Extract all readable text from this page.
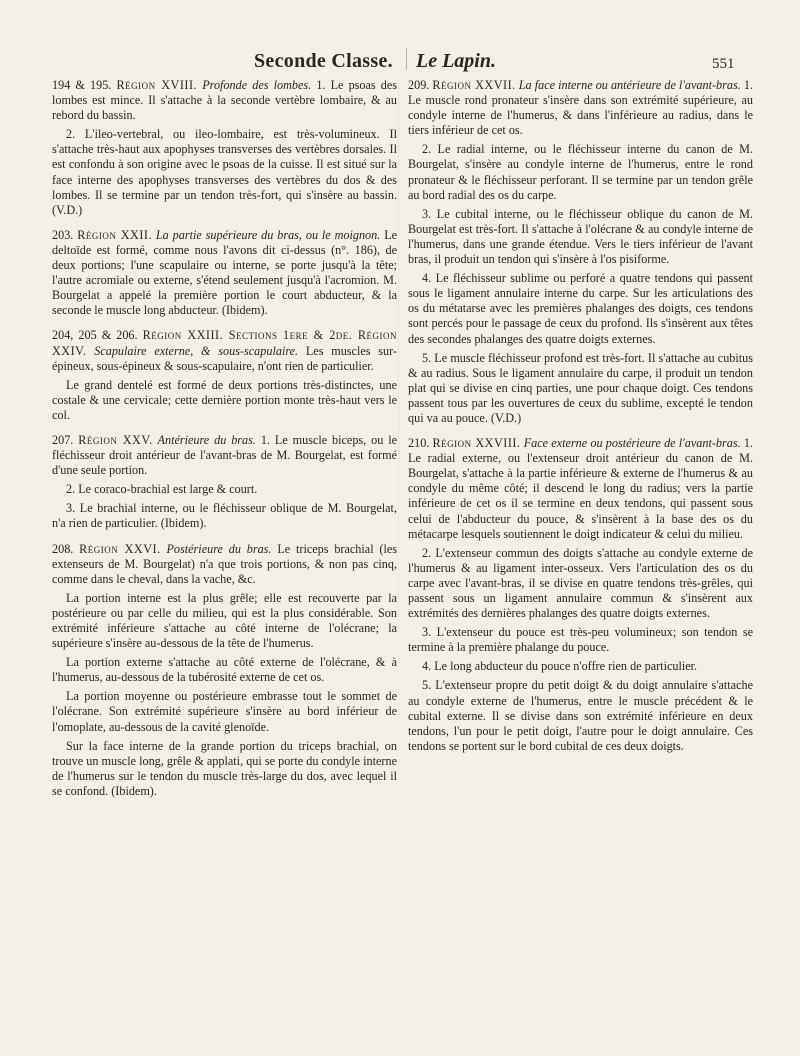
Seconde Classe. Le Lapin.	551

194 & 195. Région XVIII. Profonde des lombes. 1. Le psoas des lombes est mince. Il s'attache à la seconde vertèbre lombaire, & au rebord du bassin.

2. L'ileo-vertebral, ou ileo-lombaire, est très-volumineux. Il s'attache très-haut aux apophyses transverses des vertèbres dorsales. Il est confondu à son origine avec le psoas de la cuisse. Il est situé sur la face interne des apophyses transverses des vertèbres du dos & des lombes. Il se termine par un tendon très-fort, qui s'insère au bassin. (V.D.)

203. Région XXII. La partie supérieure du bras, ou le moignon. Le deltoïde est formé, comme nous l'avons dit ci-dessus (n°. 186), de deux portions; l'une scapulaire ou interne, se porte jusqu'à la tête; l'autre acromiale ou externe, s'étend seulement jusqu'à l'acromion. M. Bourgelat a appelé la première portion le court abducteur, & la seconde le muscle long abducteur. (Ibidem).

204, 205 & 206. Région XXIII. Sections 1ere & 2de. Région XXIV. Scapulaire externe, & sous-scapulaire. Les muscles sur-épineux, sous-épineux & sous-scapulaire, n'ont rien de particulier.

Le grand dentelé est formé de deux portions très-distinctes, une costale & une cervicale; cette dernière portion monte très-haut vers le col.

207. Région XXV. Antérieure du bras. 1. Le muscle biceps, ou le fléchisseur droit antérieur de l'avant-bras de M. Bourgelat, est formé d'une seule portion.

2. Le coraco-brachial est large & court.

3. Le brachial interne, ou le fléchisseur oblique de M. Bourgelat, n'a rien de particulier. (Ibidem).

208. Région XXVI. Postérieure du bras. Le triceps brachial (les extenseurs de M. Bourgelat) n'a que trois portions, & non pas cinq, comme dans le cheval, dans la vache, &c.

La portion interne est la plus grêle; elle est recouverte par la postérieure ou par celle du milieu, qui est la plus considérable. Son extrémité inférieure s'attache au côté interne de l'olécrane; la supérieure s'insère au-dessous de la tête de l'humerus.

La portion externe s'attache au côté externe de l'olécrane, & à l'humerus, au-dessous de la tubérosité externe de cet os.

La portion moyenne ou postérieure embrasse tout le sommet de l'olécrane. Son extrémité supérieure s'insère au bord inférieur de l'omoplate, au-dessous de la cavité glenoïde.

Sur la face interne de la grande portion du triceps brachial, on trouve un muscle long, grêle & applati, qui se porte du condyle interne de l'humerus sur le tendon du muscle très-large du dos, avec lequel il se confond. (Ibidem).

209. Région XXVII. La face interne ou antérieure de l'avant-bras. 1. Le muscle rond pronateur s'insère dans son extrémité supérieure, au condyle interne de l'humerus, & dans l'inférieure au radius, dans le tiers inférieur de cet os.

2. Le radial interne, ou le fléchisseur interne du canon de M. Bourgelat, s'insère au condyle interne de l'humerus, entre le rond pronateur & le fléchisseur perforant. Il se termine par un tendon grêle au bord radial des os du carpe.

3. Le cubital interne, ou le fléchisseur oblique du canon de M. Bourgelat est très-fort. Il s'attache à l'olécrane & au condyle interne de l'humerus, dans une grande étendue. Vers le tiers inférieur de l'avant bras, il produit un tendon qui s'insère à l'os pisiforme.

4. Le fléchisseur sublime ou perforé a quatre tendons qui passent sous le ligament annulaire interne du carpe. Sur les articulations des os du métatarse avec les premières phalanges des doigts, ces tendons sont percés pour le passage de ceux du profond. Ils s'insèrent aux têtes des secondes phalanges des quatre doigts externes.

5. Le muscle fléchisseur profond est très-fort. Il s'attache au cubitus & au radius. Sous le ligament annulaire du carpe, il produit un tendon plat qui se divise en cinq parties, une pour chaque doigt. Ces tendons passent tous par les ouvertures de ceux du sublime, excepté le tendon qui va au pouce. (V.D.)

210. Région XXVIII. Face externe ou postérieure de l'avant-bras. 1. Le radial externe, ou l'extenseur droit antérieur du canon de M. Bourgelat, s'attache à la partie inférieure & externe de l'humerus & au condyle du même côté; il descend le long du radius; vers la partie inférieure de cet os il se termine en deux tendons, qui passent sous celui de l'abducteur du pouce, & s'insèrent à la base des os du métacarpe lesquels soutiennent le doigt indicateur & celui du milieu.

2. L'extenseur commun des doigts s'attache au condyle externe de l'humerus & au ligament inter-osseux. Vers l'articulation des os du carpe avec l'avant-bras, il se divise en quatre tendons très-grêles, qui passent sous un ligament annulaire commun & s'insèrent aux extrémités des dernières phalanges des quatre doigts externes.

3. L'extenseur du pouce est très-peu volumineux; son tendon se termine à la première phalange du pouce.

4. Le long abducteur du pouce n'offre rien de particulier.

5. L'extenseur propre du petit doigt & du doigt annulaire s'attache au condyle externe de l'humerus, entre le muscle précédent & le cubital externe. Il se divise dans son extrémité inférieure en deux tendons, l'un pour le petit doigt, l'autre pour le doigt annulaire. Ces tendons se portent sur le bord cubital de ces deux doigts.
